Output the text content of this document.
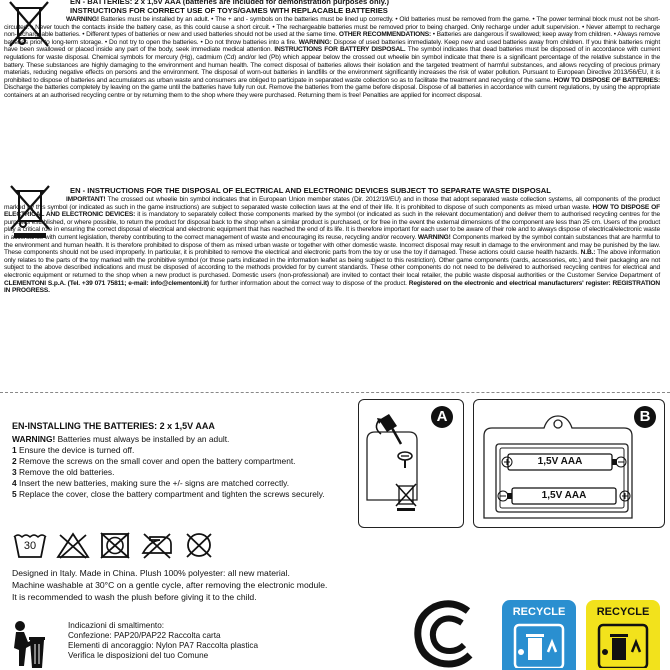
EN - BATTERIES: 2 x 1,5V AAA (batteries are included for demonstration purposes only.)
INSTRUCTIONS FOR CORRECT USE OF TOYS/GAMES WITH REPLACABLE BATTERIES
WARNING! Batteries must be installed by an adult. • The + and - symbols on the batteries must be lined up correctly. • Old batteries must be removed from the game. • The power terminal block must not be short-circuited. • Never touch the contacts inside the battery case, as this could cause a short circuit. • The rechargeable batteries must be removed prior to being charged. Only recharge under adult supervision. • Never attempt to recharge non-rechargeable batteries. • Different types of batteries or new and used batteries should not be used at the same time. OTHER RECOMMENDATIONS: • Batteries are dangerous if swallowed; keep away from children. • Always remove batteries prior to long-term storage. • Do not try to open the batteries. • Do not throw batteries into a fire. WARNING: Dispose of used batteries immediately. Keep new and used batteries away from children. If you think batteries might have been swallowed or placed inside any part of the body, seek immediate medical attention. INSTRUCTIONS FOR BATTERY DISPOSAL. The symbol indicates that dead batteries must be disposed of in accordance with current regulations for waste disposal. Chemical symbols for mercury (Hg), cadmium (Cd) and/or led (Pb) which appear below the crossed out wheelie bin symbol indicate that there is a significant percentage of the relative substance in the battery. These substances are highly damaging to the environment and human health. The correct disposal of batteries allows their isolation and the targeted treatment of harmful substances, and allows recycling of precious primary materials, reducing negative effects on persons and the environment. The disposal of worn-out batteries in landfills or the environment significantly increases the risk of water pollution. Pursuant to European Directive 2013/56/EU, it is prohibited to dispose of batteries and accumulators as urban waste and consumers are obliged to participate in separated waste collection so as to facilitate the treatment and recycling of the same. HOW TO DISPOSE OF BATTERIES: Discharge the batteries completely by leaving on the game until the batteries have fully run out. Remove the batteries from the game before disposal. Dispose of all batteries in accordance with current regulations, by using the appropriate containers at an authorised recycling centre or by returning them to the shop where they were purchased. Returning them is free! Penalties are applied for incorrect disposal.
EN - INSTRUCTIONS FOR THE DISPOSAL OF ELECTRICAL AND ELECTRONIC DEVICES SUBJECT TO SEPARATE WASTE DISPOSAL
IMPORTANT! The crossed out wheelie bin symbol indicates that in European Union member states (Dir. 2012/19/EU) and in those that adopt separated waste collection systems, all components of the product marked by this symbol (or indicated as such in the game instructions) are subject to separated waste collection laws at the end of their life. It is prohibited to dispose of such components as mixed urban waste. HOW TO DISPOSE OF ELECTRICAL AND ELECTRONIC DEVICES: it is mandatory to separately collect those components marked by the symbol (or indicated as such in the relevant documentation) and deliver them to authorised recycling centres for the purposes established, or where possible, to return the product for disposal back to the shop when a similar product is purchased, or for free in the event the external dimensions of the component are less than 25 cm. Users of the product play a critical role in ensuring the correct disposal of electrical and electronic equipment that has reached the end of its life. It is therefore important for each user to be aware of their role and to always dispose of electrical/electronic waste in accordance with current legislation, thereby contributing to the correct management of waste and encouraging its reuse, recycling and/or recovery. WARNING! Components marked by the symbol contain substances that are harmful to the environment and human health. It is therefore prohibited to dispose of them as mixed urban waste or together with other domestic waste. Incorrect disposal may result in damage to the environment and may be punished by the law. These components should not be used improperly. In particular, it is prohibited to remove the electrical and electronic parts from the toy or use the toy if damaged. These actions could cause health hazards. N.B.: The above information only relates to the parts of the toy marked with the prohibitive symbol (or those parts indicated in the information leaflet as being subject to this restriction). Other game components (cards, accessories, etc.) and their packaging are not subject to the above described indications and must be disposed of according to the methods provided for by current standards. These other components do not need to be delivered to authorised recycling centres for electrical and electronic equipment or returned to the shop when a new product is purchased. Domestic users (non-professional) are invited to contact their local retailer, the public waste disposal authorities or the Customer Service Department of CLEMENTONI S.p.A. (Tel. +39 071 75811; e-mail: info@clementoni.it) for further information about the correct way to dispose of the product. Registered on the electronic and electrical manufacturers' register: REGISTRATION IN PROGRESS.
EN-INSTALLING THE BATTERIES: 2 x 1,5V AAA
WARNING! Batteries must always be installed by an adult.
1 Ensure the device is turned off.
2 Remove the screws on the small cover and open the battery compartment.
3 Remove the old batteries.
4 Insert the new batteries, making sure the +/- signs are matched correctly.
5 Replace the cover, close the battery compartment and tighten the screws securely.
A
1,5V AAA
1,5V AAA
B
30
Designed in Italy. Made in China. Plush 100% polyester: all new material.
Machine washable at 30°C on a gentle cycle, after removing the electronic module.
It is recommended to wash the plush before giving it to the child.
Indicazioni di smaltimento:
Confezione: PAP20/PAP22 Raccolta carta
Elementi di ancoraggio: Nylon PA7 Raccolta plastica
Verifica le disposizioni del tuo Comune
RECYCLE	RECYCLE
